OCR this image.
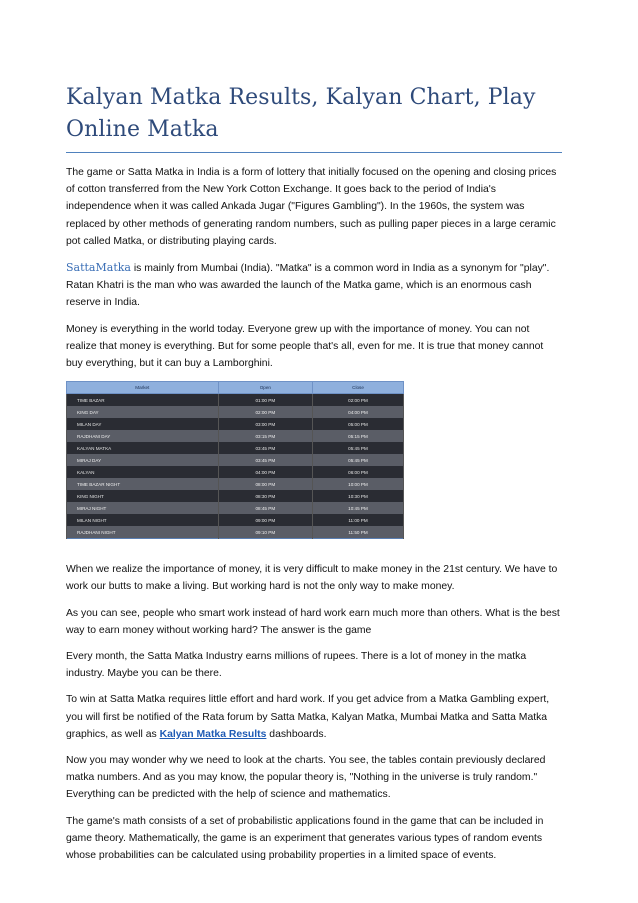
Kalyan Matka Results, Kalyan Chart, Play Online Matka

The game or Satta Matka in India is a form of lottery that initially focused on the opening and closing prices of cotton transferred from the New York Cotton Exchange. It goes back to the period of India's independence when it was called Ankada Jugar ("Figures Gambling"). In the 1960s, the system was replaced by other methods of generating random numbers, such as pulling paper pieces in a large ceramic pot called Matka, or distributing playing cards.

SattaMatka is mainly from Mumbai (India). "Matka" is a common word in India as a synonym for "play". Ratan Khatri is the man who was awarded the launch of the Matka game, which is an enormous cash reserve in India.

Money is everything in the world today. Everyone grew up with the importance of money. You can not realize that money is everything. But for some people that's all, even for me. It is true that money cannot buy everything, but it can buy a Lamborghini.

Market	Open	Close
TIME BAZAR	01:00 PM	02:00 PM
KING DAY	02:00 PM	04:00 PM
MILAN DAY	03:00 PM	05:00 PM
RAJDHANI DAY	03:15 PM	05:15 PM
KALYAN MATKA	03:45 PM	05:45 PM
MIRAJ DAY	03:45 PM	05:45 PM
KALYAN	04:00 PM	06:00 PM
TIME BAZAR NIGHT	08:00 PM	10:00 PM
KING NIGHT	08:30 PM	10:30 PM
MIRAJ NIGHT	08:45 PM	10:45 PM
MILAN NIGHT	09:00 PM	11:00 PM
RAJDHANI NIGHT	09:10 PM	11:50 PM

When we realize the importance of money, it is very difficult to make money in the 21st century. We have to work our butts to make a living. But working hard is not the only way to make money.

As you can see, people who smart work instead of hard work earn much more than others. What is the best way to earn money without working hard? The answer is the game

Every month, the Satta Matka Industry earns millions of rupees. There is a lot of money in the matka industry. Maybe you can be there.

To win at Satta Matka requires little effort and hard work. If you get advice from a Matka Gambling expert, you will first be notified of the Rata forum by Satta Matka, Kalyan Matka, Mumbai Matka and Satta Matka graphics, as well as Kalyan Matka Results dashboards.

Now you may wonder why we need to look at the charts. You see, the tables contain previously declared matka numbers. And as you may know, the popular theory is, "Nothing in the universe is truly random." Everything can be predicted with the help of science and mathematics.

The game's math consists of a set of probabilistic applications found in the game that can be included in game theory. Mathematically, the game is an experiment that generates various types of random events whose probabilities can be calculated using probability properties in a limited space of events.
